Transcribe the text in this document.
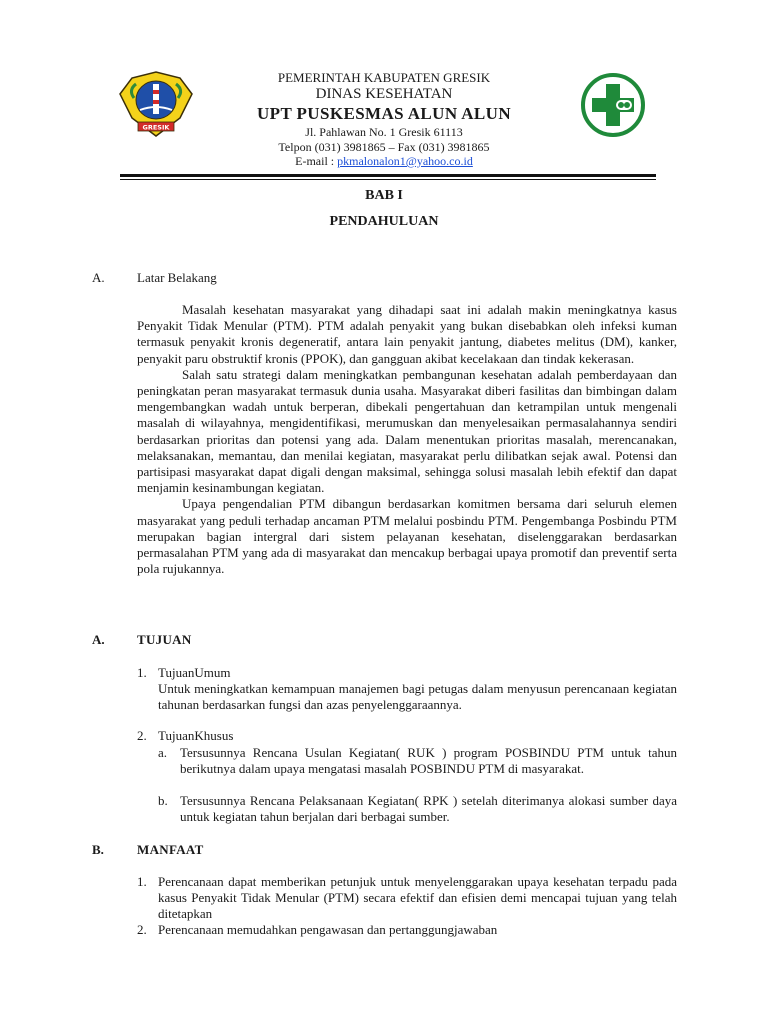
GRESIK
PEMERINTAH KABUPATEN GRESIK
DINAS KESEHATAN
UPT PUSKESMAS ALUN ALUN
Jl. Pahlawan No. 1 Gresik 61113
Telpon (031) 3981865 – Fax (031) 3981865
E-mail : pkmalonalon1@yahoo.co.id
BAB I
PENDAHULUAN
A. Latar Belakang

Masalah kesehatan masyarakat yang dihadapi saat ini adalah makin meningkatnya kasus Penyakit Tidak Menular (PTM). PTM adalah penyakit yang bukan disebabkan oleh infeksi kuman termasuk penyakit kronis degeneratif, antara lain penyakit jantung, diabetes melitus (DM), kanker, penyakit paru obstruktif kronis (PPOK), dan gangguan akibat kecelakaan dan tindak kekerasan.

Salah satu strategi dalam meningkatkan pembangunan kesehatan adalah pemberdayaan dan peningkatan peran masyarakat termasuk dunia usaha. Masyarakat diberi fasilitas dan bimbingan dalam mengembangkan wadah untuk berperan, dibekali pengertahuan dan ketrampilan untuk mengenali masalah di wilayahnya, mengidentifikasi, merumuskan dan menyelesaikan permasalahannya sendiri berdasarkan prioritas dan potensi yang ada. Dalam menentukan prioritas masalah, merencanakan, melaksanakan, memantau, dan menilai kegiatan, masyarakat perlu dilibatkan sejak awal. Potensi dan partisipasi masyarakat dapat digali dengan maksimal, sehingga solusi masalah lebih efektif dan dapat menjamin kesinambungan kegiatan.

Upaya pengendalian PTM dibangun berdasarkan komitmen bersama dari seluruh elemen masyarakat yang peduli terhadap ancaman PTM melalui posbindu PTM. Pengembanga Posbindu PTM merupakan bagian intergral dari sistem pelayanan kesehatan, diselenggarakan berdasarkan permasalahan PTM yang ada di masyarakat dan mencakup berbagai upaya promotif dan preventif serta pola rujukannya.

A. TUJUAN
1. TujuanUmum
Untuk meningkatkan kemampuan manajemen bagi petugas dalam menyusun perencanaan kegiatan tahunan berdasarkan fungsi dan azas penyelenggaraannya.
2. TujuanKhusus
a. Tersusunnya Rencana Usulan Kegiatan( RUK ) program POSBINDU PTM untuk tahun berikutnya dalam upaya mengatasi masalah POSBINDU PTM di masyarakat.
b. Tersusunnya Rencana Pelaksanaan Kegiatan( RPK ) setelah diterimanya alokasi sumber daya untuk kegiatan tahun berjalan dari berbagai sumber.
B.	MANFAAT
1. Perencanaan dapat memberikan petunjuk untuk menyelenggarakan upaya kesehatan terpadu pada kasus Penyakit Tidak Menular (PTM) secara efektif dan efisien demi mencapai tujuan yang telah ditetapkan
2. Perencanaan memudahkan pengawasan dan pertanggungjawaban
